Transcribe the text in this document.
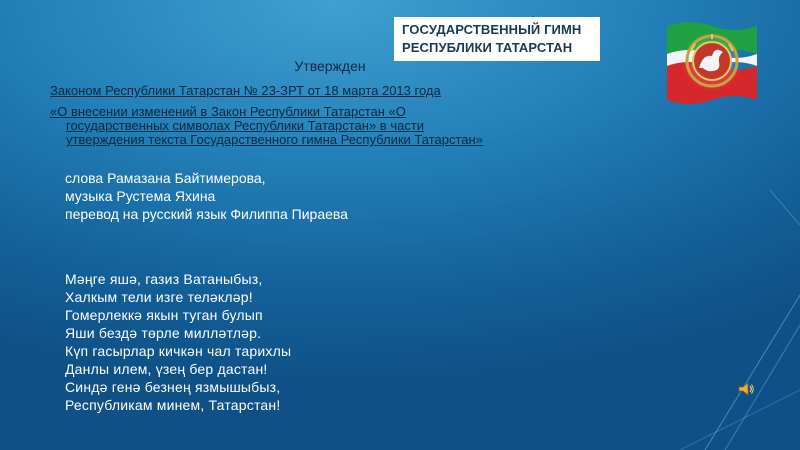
ГОСУДАРСТВЕННЫЙ ГИМН
РЕСПУБЛИКИ ТАТАРСТАН
Утвержден
Законом Республики Татарстан № 23-ЗРТ от 18 марта 2013 года
«О внесении изменений в Закон Республики Татарстан «О
государственных символах Республики Татарстан» в части
утверждения текста Государственного гимна Республики Татарстан»
слова Рамазана Байтимерова,
музыка Рустема Яхина
перевод на русский язык Филиппа Пираева
Мәңге яшә, газиз Ватаныбыз,
Халкым тели изге теләкләр!
Гомерлеккә якын туган булып
Яши бездә төрле милләтләр.
Күп гасырлар кичкән чал тарихлы
Данлы илем, үзең бер дастан!
Синдә генә безнең язмышыбыз,
Республикам минем, Татарстан!
